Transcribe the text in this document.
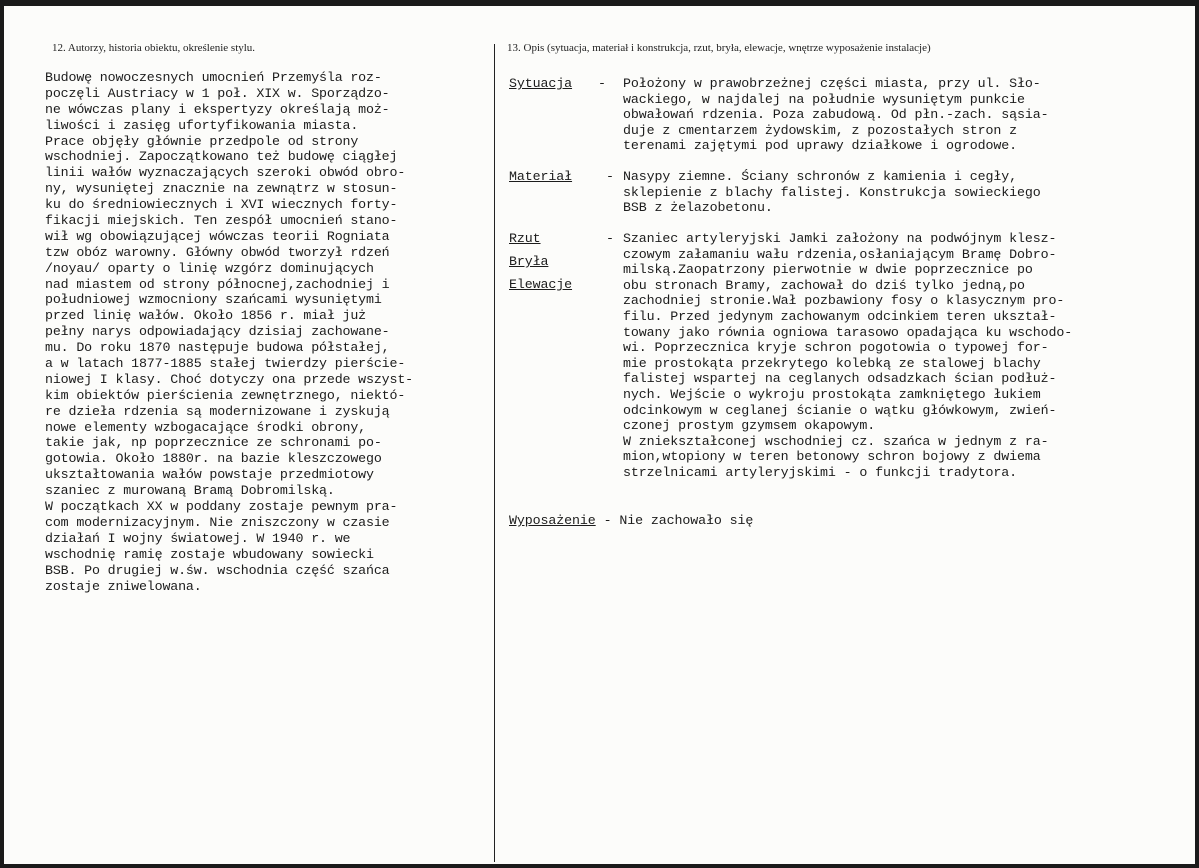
12. Autorzy, historia obiektu, określenie stylu.	13. Opis (sytuacja, materiał i konstrukcja, rzut, bryła, elewacje, wnętrze wyposażenie instalacje)
Budowę nowoczesnych umocnień Przemyśla roz-
poczęli Austriacy w 1 poł. XIX w. Sporządzo-
ne wówczas plany i ekspertyzy określają moż-
liwości i zasięg ufortyfikowania miasta.
Prace objęły głównie przedpole od strony
wschodniej. Zapoczątkowano też budowę ciągłej
linii wałów wyznaczających szeroki obwód obro-
ny, wysuniętej znacznie na zewnątrz w stosun-
ku do średniowiecznych i XVI wiecznych forty-
fikacji miejskich. Ten zespół umocnień stano-
wił wg obowiązującej wówczas teorii Rogniata
tzw obóz warowny. Główny obwód tworzył rdzeń
/noyau/ oparty o linię wzgórz dominujących
nad miastem od strony północnej,zachodniej i
południowej wzmocniony szańcami wysuniętymi
przed linię wałów. Około 1856 r. miał już
pełny narys odpowiadający dzisiaj zachowane-
mu. Do roku 1870 następuje budowa półstałej,
a w latach 1877-1885 stałej twierdzy pierście-
niowej I klasy. Choć dotyczy ona przede wszyst-
kim obiektów pierścienia zewnętrznego, niektó-
re dzieła rdzenia są modernizowane i zyskują
nowe elementy wzbogacające środki obrony,
takie jak, np poprzecznice ze schronami po-
gotowia. Około 1880r. na bazie kleszczowego
ukształtowania wałów powstaje przedmiotowy
szaniec z murowaną Bramą Dobromilską.
W początkach XX w poddany zostaje pewnym pra-
com modernizacyjnym. Nie zniszczony w czasie
działań I wojny światowej. W 1940 r. we
wschodnię ramię zostaje wbudowany sowiecki
BSB. Po drugiej w.św. wschodnia część szańca
zostaje zniwelowana.
Sytuacja - Położony w prawobrzeżnej części miasta, przy ul. Sło-
wackiego, w najdalej na południe wysuniętym punkcie
obwałowań rdzenia. Poza zabudową. Od płn.-zach. sąsia-
duje z cmentarzem żydowskim, z pozostałych stron z
terenami zajętymi pod uprawy działkowe i ogrodowe.
Materiał	- Nasypy ziemne. Ściany schronów z kamienia i cegły,
sklepienie z blachy falistej. Konstrukcja sowieckiego
BSB z żelazobetonu.
Rzut
Bryła
Elewacje
- Szaniec artyleryjski Jamki założony na podwójnym klesz-
czowym załamaniu wału rdzenia,osłaniającym Bramę Dobro-
milską.Zaopatrzony pierwotnie w dwie poprzecznice po
obu stronach Bramy, zachował do dziś tylko jedną,po
zachodniej stronie.Wał pozbawiony fosy o klasycznym pro-
filu. Przed jedynym zachowanym odcinkiem teren ukształ-
towany jako równia ogniowa tarasowo opadająca ku wschodo-
wi. Poprzecznica kryje schron pogotowia o typowej for-
mie prostokąta przekrytego kolebką ze stalowej blachy
falistej wspartej na ceglanych odsadzkach ścian podłuż-
nych. Wejście o wykroju prostokąta zamkniętego łukiem
odcinkowym w ceglanej ścianie o wątku główkowym, zwień-
czonej prostym gzymsem okapowym.
W zniekształconej wschodniej cz. szańca w jednym z ra-
mion,wtopiony w teren betonowy schron bojowy z dwiema
strzelnicami artyleryjskimi - o funkcji tradytora.
Wyposażenie - Nie zachowało się
